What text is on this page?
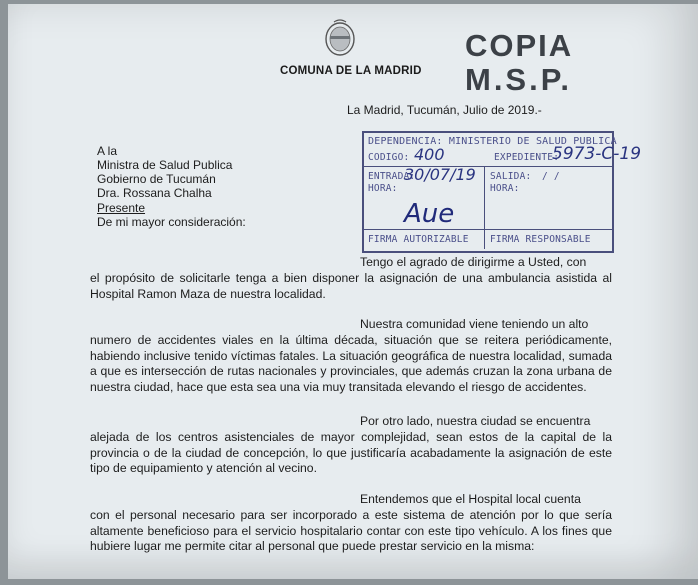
COMUNA DE LA MADRID
COPIA
M.S.P.
La Madrid, Tucumán, Julio de 2019.-
A la
Ministra de Salud Publica
Gobierno de Tucumán
Dra. Rossana Chalha
Presente
De mi mayor consideración:
DEPENDENCIA: MINISTERIO DE SALUD PUBLICA
CODIGO: 400	EXPEDIENTE:
5973-C-19
ENTRADA:
30/07/19
HORA:
SALIDA: / /
HORA:
Aue
FIRMA AUTORIZABLE FIRMA RESPONSABLE
Tengo el agrado de dirigirme a Usted, con
el propósito de solicitarle tenga a bien disponer la asignación de una ambulancia asistida al Hospital Ramon Maza de nuestra localidad.
Nuestra comunidad viene teniendo un alto
numero de accidentes viales en la última década, situación que se reitera periódicamente, habiendo inclusive tenido víctimas fatales. La situación geográfica de nuestra localidad, sumada a que es intersección de rutas nacionales y provinciales, que además cruzan la zona urbana de nuestra ciudad, hace que esta sea una via muy transitada elevando el riesgo de accidentes.
Por otro lado, nuestra ciudad se encuentra
alejada de los centros asistenciales de mayor complejidad, sean estos de la capital de la provincia o de la ciudad de concepción, lo que justificaría acabadamente la asignación de este tipo de equipamiento y atención al vecino.
Entendemos que el Hospital local cuenta
con el personal necesario para ser incorporado a este sistema de atención por lo que sería altamente beneficioso para el servicio hospitalario contar con este tipo vehículo. A los fines que hubiere lugar me permite citar al personal que puede prestar servicio en la misma:
